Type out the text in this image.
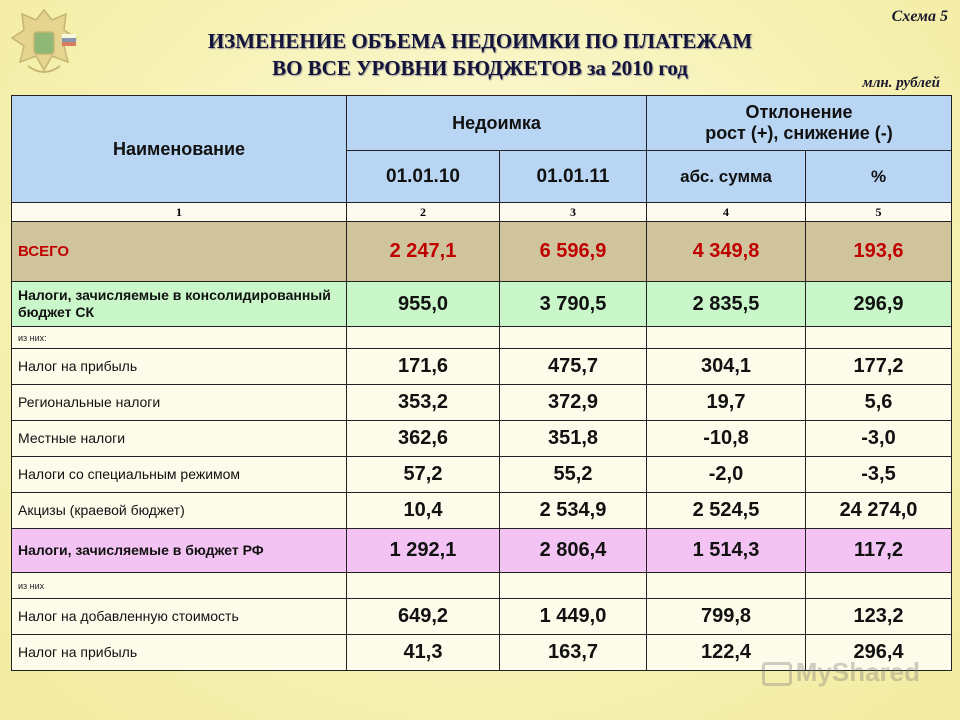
Схема 5
ИЗМЕНЕНИЕ ОБЪЕМА НЕДОИМКИ ПО ПЛАТЕЖАМ
ВО ВСЕ УРОВНИ БЮДЖЕТОВ за 2010 год
млн. рублей
Наименование	Недоимка		Отклонение
рост (+), снижение (-)	

	01.01.10	01.01.11	абс. сумма	%
1	2	3	4	5
ВСЕГО	2 247,1	6 596,9	4 349,8	193,6
Налоги, зачисляемые в консолидированный бюджет СК	955,0	3 790,5	2 835,5	296,9
из них:				
Налог на прибыль	171,6	475,7	304,1	177,2
Региональные налоги	353,2	372,9	19,7	5,6
Местные налоги	362,6	351,8	-10,8	-3,0
Налоги со специальным режимом	57,2	55,2	-2,0	-3,5
Акцизы (краевой бюджет)	10,4	2 534,9	2 524,5	24 274,0
Налоги, зачисляемые в бюджет РФ	1 292,1	2 806,4	1 514,3	117,2
из них				
Налог на добавленную стоимость	649,2	1 449,0	799,8	123,2
Налог на прибыль	41,3	163,7	122,4	296,4
MyShared
